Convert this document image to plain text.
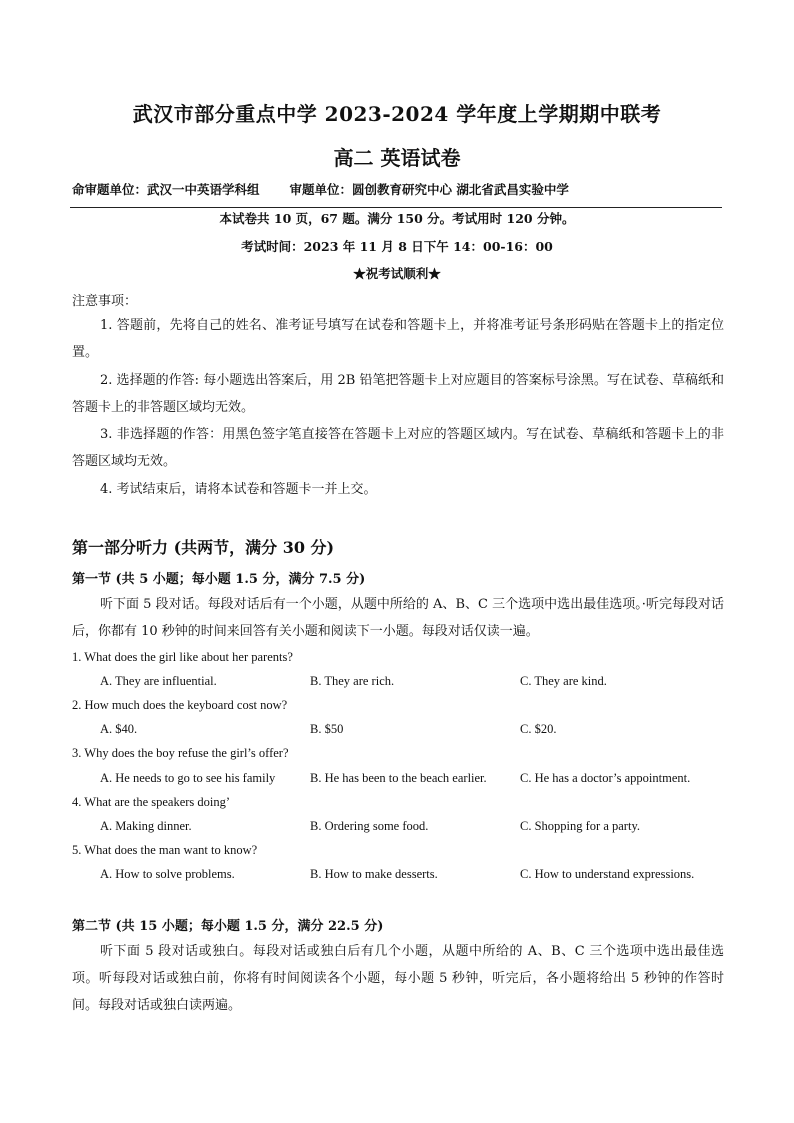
武汉市部分重点中学 2023-2024 学年度上学期期中联考
高二 英语试卷
命审题单位：武汉一中英语学科组 审题单位：圆创教育研究中心 湖北省武昌实验中学
本试卷共 10 页，67 题。满分 150 分。考试用时 120 分钟。
考试时间：2023 年 11 月 8 日下午 14：00-16：00
★祝考试顺利★
注意事项：
1. 答题前，先将自己的姓名、准考证号填写在试卷和答题卡上，并将准考证号条形码贴在答题卡上的指定位置。
2. 选择题的作答: 每小题选出答案后，用 2B 铅笔把答题卡上对应题目的答案标号涂黑。写在试卷、草稿纸和答题卡上的非答题区域均无效。
3. 非选择题的作答：用黑色签字笔直接答在答题卡上对应的答题区域内。写在试卷、草稿纸和答题卡上的非答题区域均无效。
4. 考试结束后，请将本试卷和答题卡一并上交。
第一部分听力 (共两节，满分 30 分)
第一节 (共 5 小题；每小题 1.5 分，满分 7.5 分)
听下面 5 段对话。每段对话后有一个小题，从题中所给的 A、B、C 三个选项中选出最佳选项。·听完每段对话后，你都有 10 秒钟的时间来回答有关小题和阅读下一小题。每段对话仅读一遍。
1. What does the girl like about her parents?
A. They are influential.	B. They are rich.	C. They are kind.
2. How much does the keyboard cost now?
A. $40.	B. $50	C. $20.
3. Why does the boy refuse the girl’s offer?
A. He needs to go to see his family	B. He has been to the beach earlier.	C. He has a doctor’s appointment.
4. What are the speakers doing’
A. Making dinner.	B. Ordering some food.	C. Shopping for a party.
5. What does the man want to know?
A. How to solve problems.	B. How to make desserts.	C. How to understand expressions.
第二节 (共 15 小题；每小题 1.5 分，满分 22.5 分)
听下面 5 段对话或独白。每段对话或独白后有几个小题，从题中所给的 A、B、C 三个选项中选出最佳选项。听每段对话或独白前，你将有时间阅读各个小题，每小题 5 秒钟，听完后，各小题将给出 5 秒钟的作答时间。每段对话或独白读两遍。
